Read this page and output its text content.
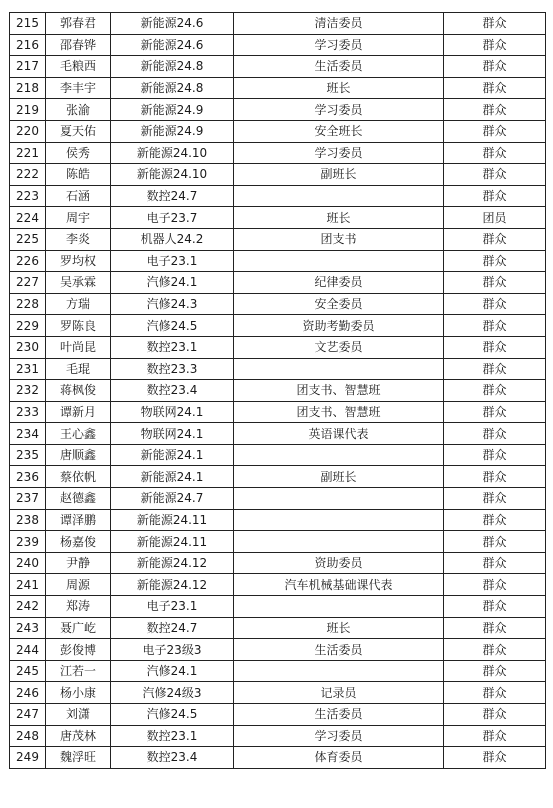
215	郭春君	新能源24.6	清洁委员	群众
216	邵春铧	新能源24.6	学习委员	群众
217	毛粮西	新能源24.8	生活委员	群众
218	李丰宇	新能源24.8	班长	群众
219	张渝	新能源24.9	学习委员	群众
220	夏天佑	新能源24.9	安全班长	群众
221	侯秀	新能源24.10	学习委员	群众
222	陈皓	新能源24.10	副班长	群众
223	石涵	数控24.7		群众
224	周宇	电子23.7	班长	团员
225	李炎	机器人24.2	团支书	群众
226	罗均权	电子23.1		群众
227	吴承霖	汽修24.1	纪律委员	群众
228	方瑞	汽修24.3	安全委员	群众
229	罗陈良	汽修24.5	资助考勤委员	群众
230	叶尚昆	数控23.1	文艺委员	群众
231	毛琨	数控23.3		群众
232	蒋枫俊	数控23.4	团支书、智慧班	群众
233	谭新月	物联网24.1	团支书、智慧班	群众
234	王心鑫	物联网24.1	英语课代表	群众
235	唐顺鑫	新能源24.1		群众
236	蔡依帆	新能源24.1	副班长	群众
237	赵德鑫	新能源24.7		群众
238	谭泽鹏	新能源24.11		群众
239	杨嘉俊	新能源24.11		群众
240	尹静	新能源24.12	资助委员	群众
241	周源	新能源24.12	汽车机械基础课代表	群众
242	郑涛	电子23.1		群众
243	聂广屹	数控24.7	班长	群众
244	彭俊博	电子23级3	生活委员	群众
245	江若一	汽修24.1		群众
246	杨小康	汽修24级3	记录员	群众
247	刘潇	汽修24.5	生活委员	群众
248	唐茂林	数控23.1	学习委员	群众
249	魏浮旺	数控23.4	体育委员	群众
